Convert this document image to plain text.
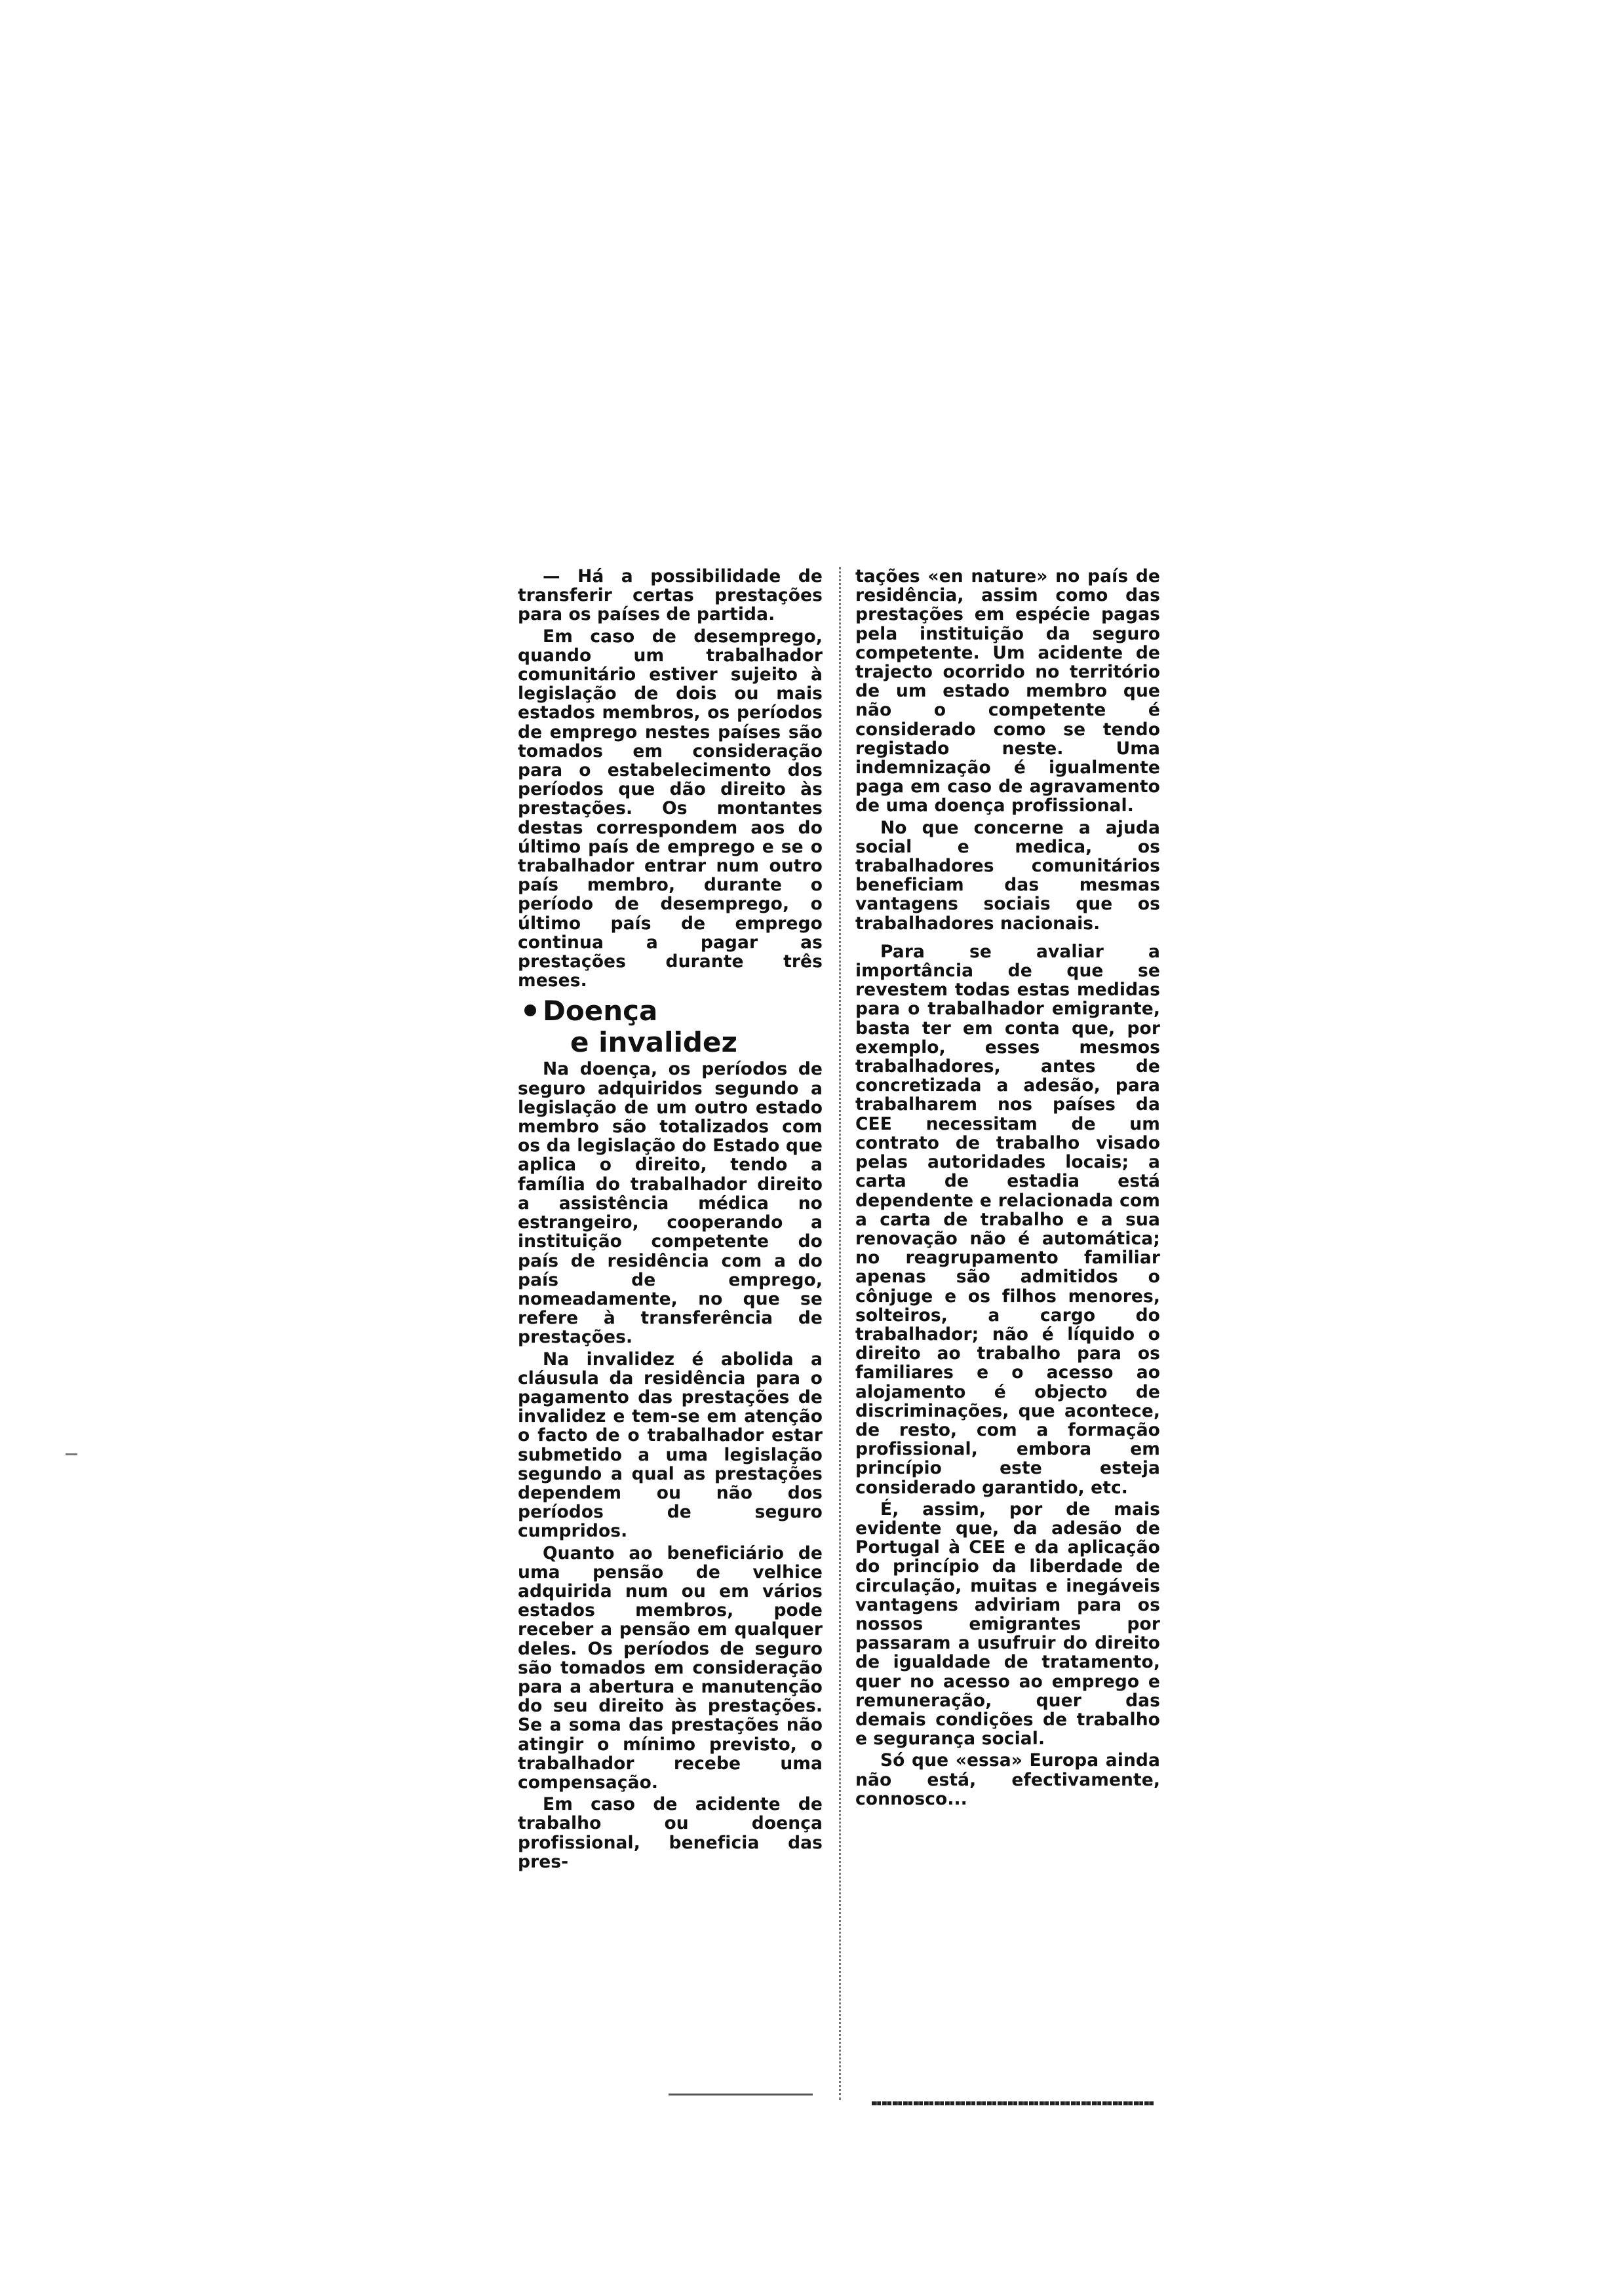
— Há a possibilidade de transferir certas prestações para os países de partida.

Em caso de desemprego, quando um trabalhador comunitário estiver sujeito à legislação de dois ou mais estados membros, os períodos de emprego nestes países são tomados em consideração para o estabelecimento dos períodos que dão direito às prestações. Os montantes destas correspondem aos do último país de emprego e se o trabalhador entrar num outro país membro, durante o período de desemprego, o último país de emprego continua a pagar as prestações durante três meses.

Doença
e invalidez

Na doença, os períodos de seguro adquiridos segundo a legislação de um outro estado membro são totalizados com os da legislação do Estado que aplica o direito, tendo a família do trabalhador direito a assistência médica no estrangeiro, cooperando a instituição competente do país de residência com a do país de emprego, nomeadamente, no que se refere à transferência de prestações.

Na invalidez é abolida a cláusula da residência para o pagamento das prestações de invalidez e tem-se em atenção o facto de o trabalhador estar submetido a uma legislação segundo a qual as prestações dependem ou não dos períodos de seguro cumpridos.

Quanto ao beneficiário de uma pensão de velhice adquirida num ou em vários estados membros, pode receber a pensão em qualquer deles. Os períodos de seguro são tomados em consideração para a abertura e manutenção do seu direito às prestações. Se a soma das prestações não atingir o mínimo previsto, o trabalhador recebe uma compensação.

Em caso de acidente de trabalho ou doença profissional, beneficia das pres-

tações «en nature» no país de residência, assim como das prestações em espécie pagas pela instituição da seguro competente. Um acidente de trajecto ocorrido no território de um estado membro que não o competente é considerado como se tendo registado neste. Uma indemnização é igualmente paga em caso de agravamento de uma doença profissional.

No que concerne a ajuda social e medica, os trabalhadores comunitários beneficiam das mesmas vantagens sociais que os trabalhadores nacionais.

Para se avaliar a importância de que se revestem todas estas medidas para o trabalhador emigrante, basta ter em conta que, por exemplo, esses mesmos trabalhadores, antes de concretizada a adesão, para trabalharem nos países da CEE necessitam de um contrato de trabalho visado pelas autoridades locais; a carta de estadia está dependente e relacionada com a carta de trabalho e a sua renovação não é automática; no reagrupamento familiar apenas são admitidos o cônjuge e os filhos menores, solteiros, a cargo do trabalhador; não é líquido o direito ao trabalho para os familiares e o acesso ao alojamento é objecto de discriminações, que acontece, de resto, com a formação profissional, embora em princípio este esteja considerado garantido, etc.

É, assim, por de mais evidente que, da adesão de Portugal à CEE e da aplicação do princípio da liberdade de circulação, muitas e inegáveis vantagens adviriam para os nossos emigrantes por passaram a usufruir do direito de igualdade de tratamento, quer no acesso ao emprego e remuneração, quer das demais condições de trabalho e segurança social.

Só que «essa» Europa ainda não está, efectivamente, connosco...
